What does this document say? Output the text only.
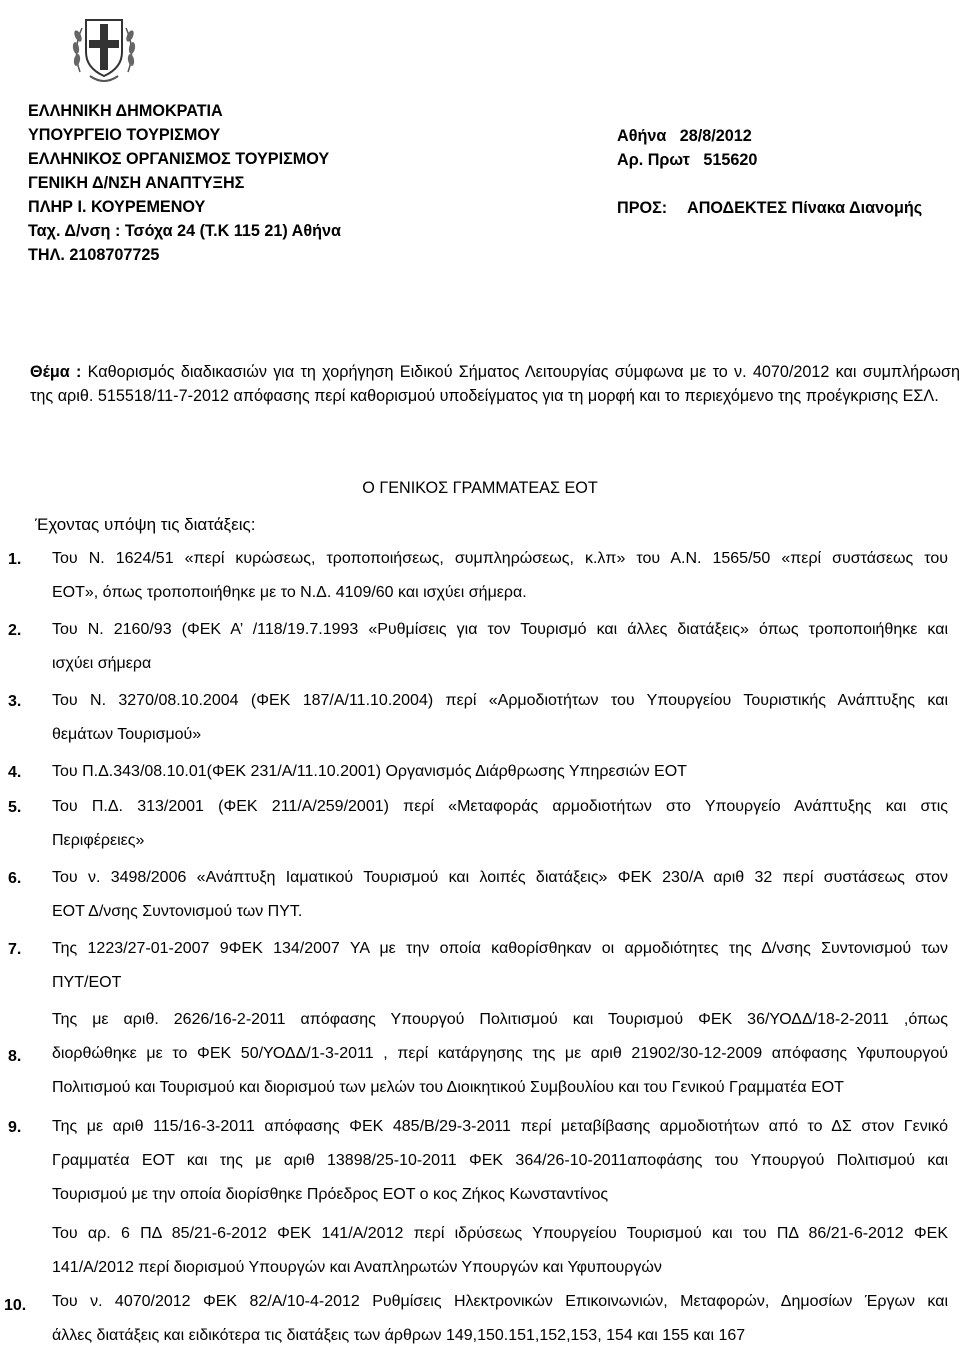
ΕΛΛΗΝΙΚΗ ΔΗΜΟΚΡΑΤΙΑ
ΥΠΟΥΡΓΕΙΟ ΤΟΥΡΙΣΜΟΥ
ΕΛΛΗΝΙΚΟΣ ΟΡΓΑΝΙΣΜΟΣ ΤΟΥΡΙΣΜΟΥ
ΓΕΝΙΚΗ Δ/ΝΣΗ ΑΝΑΠΤΥΞΗΣ
ΠΛΗΡ Ι. ΚΟΥΡΕΜΕΝΟΥ
Ταχ. Δ/νση : Τσόχα 24 (Τ.Κ 115 21) Αθήνα
ΤΗΛ. 2108707725
Αθήνα 28/8/2012
Αρ. Πρωτ 515620
ΠΡΟΣ: ΑΠΟΔΕΚΤΕΣ Πίνακα Διανομής
Θέμα : Καθορισμός διαδικασιών για τη χορήγηση Ειδικού Σήματος Λειτουργίας σύμφωνα με το ν. 4070/2012 και συμπλήρωση
της αριθ. 515518/11-7-2012 απόφασης περί καθορισμού υποδείγματος για τη μορφή και το περιεχόμενο της προέγκρισης ΕΣΛ.
Ο ΓΕΝΙΚΟΣ ΓΡΑΜΜΑΤΕΑΣ ΕΟΤ
Έχοντας υπόψη τις διατάξεις:
1. Του Ν. 1624/51 «περί κυρώσεως, τροποποιήσεως, συμπληρώσεως, κ.λπ» του Α.Ν. 1565/50 «περί συστάσεως του
ΕΟΤ», όπως τροποποιήθηκε με το Ν.Δ. 4109/60 και ισχύει σήμερα.
2. Του Ν. 2160/93 (ΦΕΚ Α’ /118/19.7.1993 «Ρυθμίσεις για τον Τουρισμό και άλλες διατάξεις» όπως τροποποιήθηκε και
ισχύει σήμερα
3. Του Ν. 3270/08.10.2004 (ΦΕΚ 187/Α/11.10.2004) περί «Αρμοδιοτήτων του Υπουργείου Τουριστικής Ανάπτυξης και
θεμάτων Τουρισμού»
4. Του Π.Δ.343/08.10.01(ΦΕΚ 231/Α/11.10.2001) Οργανισμός Διάρθρωσης Υπηρεσιών ΕΟΤ
5. Του Π.Δ. 313/2001 (ΦΕΚ 211/Α/259/2001) περί «Μεταφοράς αρμοδιοτήτων στο Υπουργείο Ανάπτυξης και στις
Περιφέρειες»
6. Του ν. 3498/2006 «Ανάπτυξη Ιαματικού Τουρισμού και λοιπές διατάξεις» ΦΕΚ 230/Α αριθ 32 περί συστάσεως στον
ΕΟΤ Δ/νσης Συντονισμού των ΠΥΤ.
7. Της 1223/27-01-2007 9ΦΕΚ 134/2007 ΥΑ με την οποία καθορίσθηκαν οι αρμοδιότητες της Δ/νσης Συντονισμού των
ΠΥΤ/ΕΟΤ
8.
Της με αριθ. 2626/16-2-2011 απόφασης Υπουργού Πολιτισμού και Τουρισμού ΦΕΚ 36/ΥΟΔΔ/18-2-2011 ,όπως
διορθώθηκε με το ΦΕΚ 50/ΥΟΔΔ/1-3-2011 , περί κατάργησης της με αριθ 21902/30-12-2009 απόφασης Υφυπουργού
Πολιτισμού και Τουρισμού και διορισμού των μελών του Διοικητικού Συμβουλίου και του Γενικού Γραμματέα ΕΟΤ
9. Της με αριθ 115/16-3-2011 απόφασης ΦΕΚ 485/Β/29-3-2011 περί μεταβίβασης αρμοδιοτήτων από το ΔΣ στον Γενικό
Γραμματέα ΕΟΤ και της με αριθ 13898/25-10-2011 ΦΕΚ 364/26-10-2011αποφάσης του Υπουργού Πολιτισμού και
Τουρισμού με την οποία διορίσθηκε Πρόεδρος ΕΟΤ ο κος Ζήκος Κωνσταντίνος
10.
Του αρ. 6 ΠΔ 85/21-6-2012 ΦΕΚ 141/Α/2012 περί ιδρύσεως Υπουργείου Τουρισμού και του ΠΔ 86/21-6-2012 ΦΕΚ
141/Α/2012 περί διορισμού Υπουργών και Αναπληρωτών Υπουργών και Υφυπουργών
Του ν. 4070/2012 ΦΕΚ 82/Α/10-4-2012 Ρυθμίσεις Ηλεκτρονικών Επικοινωνιών, Μεταφορών, Δημοσίων Έργων και
άλλες διατάξεις και ειδικότερα τις διατάξεις των άρθρων 149,150.151,152,153, 154 και 155 και 167
